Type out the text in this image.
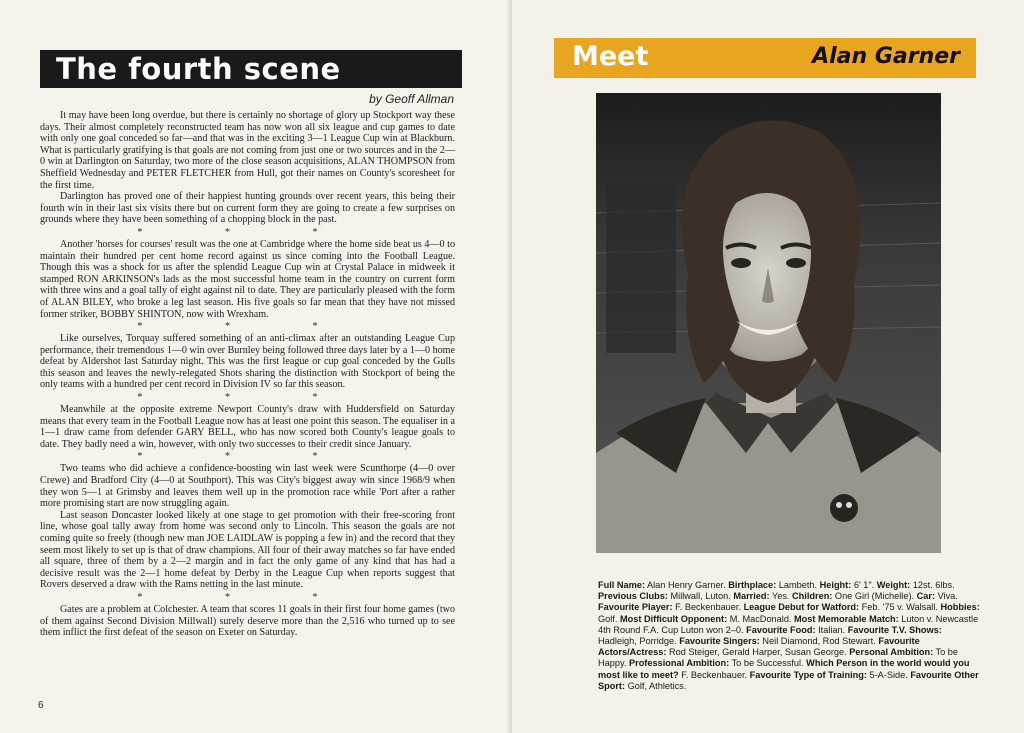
The fourth scene
by Geoff Allman

It may have been long overdue, but there is certainly no shortage of glory up Stockport way these days. Their almost completely reconstructed team has now won all six league and cup games to date with only one goal conceded so far—and that was in the exciting 3—1 League Cup win at Blackburn. What is particularly gratifying is that goals are not coming from just one or two sources and in the 2—0 win at Darlington on Saturday, two more of the close season acquisitions, ALAN THOMPSON from Sheffield Wednesday and PETER FLETCHER from Hull, got their names on County's scoresheet for the first time.

Darlington has proved one of their happiest hunting grounds over recent years, this being their fourth win in their last six visits there but on current form they are going to create a few surprises on grounds where they have been something of a chopping block in the past.

* * *

Another 'horses for courses' result was the one at Cambridge where the home side beat us 4—0 to maintain their hundred per cent home record against us since coming into the Football League. Though this was a shock for us after the splendid League Cup win at Crystal Palace in midweek it stamped RON ARKINSON's lads as the most successful home team in the country on current form with three wins and a goal tally of eight against nil to date. They are particularly pleased with the form of ALAN BILEY, who broke a leg last season. His five goals so far mean that they have not missed former striker, BOBBY SHINTON, now with Wrexham.

* * *

Like ourselves, Torquay suffered something of an anti-climax after an outstanding League Cup performance, their tremendous 1—0 win over Burnley being followed three days later by a 1—0 home defeat by Aldershot last Saturday night. This was the first league or cup goal conceded by the Gulls this season and leaves the newly-relegated Shots sharing the distinction with Stockport of being the only teams with a hundred per cent record in Division IV so far this season.

* * *

Meanwhile at the opposite extreme Newport County's draw with Huddersfield on Saturday means that every team in the Football League now has at least one point this season. The equaliser in a 1—1 draw came from defender GARY BELL, who has now scored both County's league goals to date. They badly need a win, however, with only two successes to their credit since January.

* * *

Two teams who did achieve a confidence-boosting win last week were Scunthorpe (4—0 over Crewe) and Bradford City (4—0 at Southport). This was City's biggest away win since 1968/9 when they won 5—1 at Grimsby and leaves them well up in the promotion race while 'Port after a rather more promising start are now struggling again.

Last season Doncaster looked likely at one stage to get promotion with their free-scoring front line, whose goal tally away from home was second only to Lincoln. This season the goals are not coming quite so freely (though new man JOE LAIDLAW is popping a few in) and the record that they seem most likely to set up is that of draw champions. All four of their away matches so far have ended all square, three of them by a 2—2 margin and in fact the only game of any kind that has had a decisive result was the 2—1 home defeat by Derby in the League Cup when reports suggest that Rovers deserved a draw with the Rams netting in the last minute.

* * *

Gates are a problem at Colchester. A team that scores 11 goals in their first four home games (two of them against Second Division Millwall) surely deserve more than the 2,516 who turned up to see them inflict the first defeat of the season on Exeter on Saturday.

6
Meet	Alan Garner
Full Name: Alan Henry Garner. Birthplace: Lambeth. Height: 6' 1". Weight: 12st. 6lbs. Previous Clubs: Millwall, Luton. Married: Yes. Children: One Girl (Michelle). Car: Viva. Favourite Player: F. Beckenbauer. League Debut for Watford: Feb. '75 v. Walsall. Hobbies: Golf. Most Difficult Opponent: M. MacDonald. Most Memorable Match: Luton v. Newcastle 4th Round F.A. Cup Luton won 2–0. Favourite Food: Italian. Favourite T.V. Shows: Hadleigh, Porridge. Favourite Singers: Neil Diamond, Rod Stewart. Favourite Actors/Actress: Rod Steiger, Gerald Harper, Susan George. Personal Ambition: To be Happy. Professional Ambition: To be Successful. Which Person in the world would you most like to meet? F. Beckenbauer. Favourite Type of Training: 5-A-Side. Favourite Other Sport: Golf, Athletics.
